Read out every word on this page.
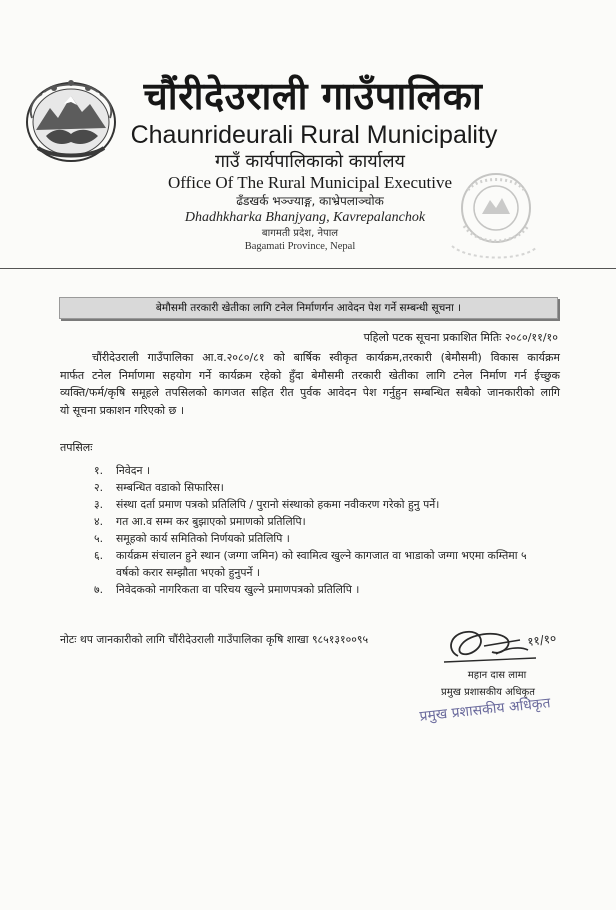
चौंरीदेउराली गाउँपालिका
Chaunrideurali Rural Municipality
गाउँ कार्यपालिकाको कार्यालय
Office Of The Rural Municipal Executive
ढँडखर्क भञ्ज्याङ्ग, काभ्रेपलाञ्चोक
Dhadhkharka Bhanjyang, Kavrepalanchok
बागमती प्रदेश, नेपाल
Bagamati Province, Nepal
बेमौसमी तरकारी खेतीका लागि टनेल निर्माणर्गन आवेदन पेश गर्ने सम्बन्धी सूचना ।
पहिलो पटक सूचना प्रकाशित मितिः २०८०/११/१०
चौंरीदेउराली गाउँपालिका आ.व.२०८०/८१ को बार्षिक स्वीकृत कार्यक्रम,तरकारी (बेमौसमी) विकास कार्यक्रम
मार्फत टनेल निर्माणमा सहयोग गर्ने कार्यक्रम रहेको हुँदा बेमौसमी तरकारी खेतीका लागि टनेल निर्माण गर्न ईच्छुक
व्यक्ति/फर्म/कृषि समूहले तपसिलको कागजत सहित रीत पुर्वक आवेदन पेश गर्नुहुन सम्बन्धित सबैको जानकारीको लागि
यो सूचना प्रकाशन गरिएको छ ।
तपसिलः
१.	निवेदन ।
२.	सम्बन्धित वडाको सिफारिस।
३.	संस्था दर्ता प्रमाण पत्रको प्रतिलिपि / पुरानो संस्थाको हकमा नवीकरण गरेको हुनु पर्ने।
४.	गत आ.व सम्म कर बुझाएको प्रमाणको प्रतिलिपि।
५.	समूहको कार्य समितिको निर्णयको प्रतिलिपि ।
६.	कार्यक्रम संचालन हुने स्थान (जग्गा जमिन) को स्वामित्व खुल्ने कागजात वा भाडाको जग्गा भएमा कम्तिमा ५
वर्षको करार सम्झौता भएको हुनुपर्ने ।
७.	निवेदकको नागरिकता वा परिचय खुल्ने प्रमाणपत्रको प्रतिलिपि ।
नोटः थप जानकारीको लागि चौंरीदेउराली गाउँपालिका कृषि शाखा ९८५१३१००९५	११/१०
महान दास लामा
प्रमुख प्रशासकीय अधिकृत
प्रमुख प्रशासकीय अधिकृत
